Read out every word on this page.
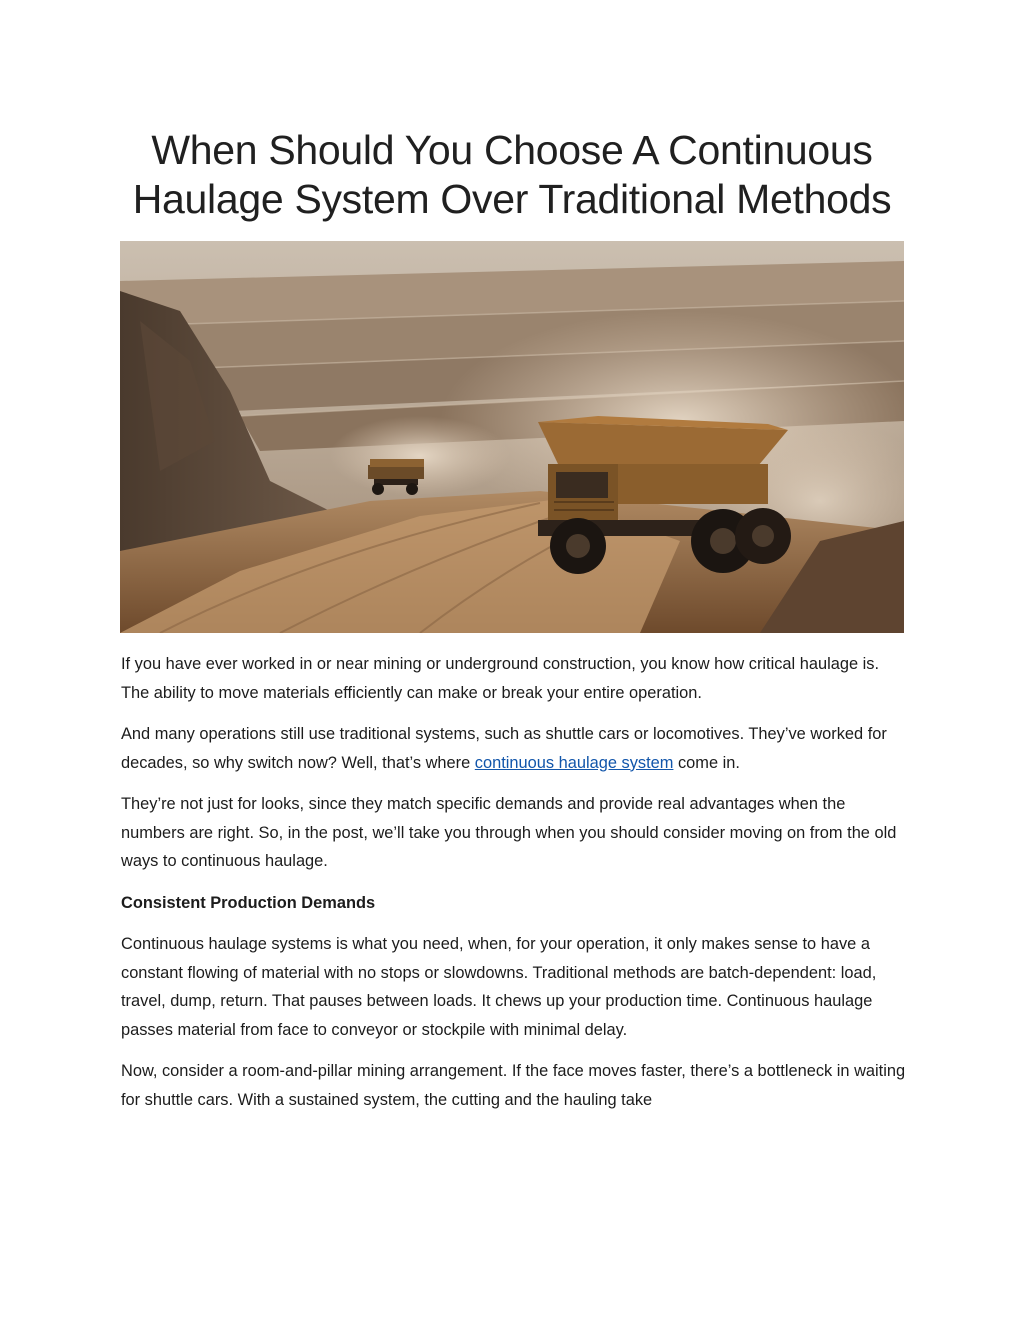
When Should You Choose A Continuous
Haulage System Over Traditional Methods

If you have ever worked in or near mining or underground construction, you know how critical haulage is. The ability to move materials efficiently can make or break your entire operation.

And many operations still use traditional systems, such as shuttle cars or locomotives. They’ve worked for decades, so why switch now? Well, that’s where continuous haulage system come in.

They’re not just for looks, since they match specific demands and provide real advantages when the numbers are right. So, in the post, we’ll take you through when you should consider moving on from the old ways to continuous haulage.

Consistent Production Demands

Continuous haulage systems is what you need, when, for your operation, it only makes sense to have a constant flowing of material with no stops or slowdowns. Traditional methods are batch-dependent: load, travel, dump, return. That pauses between loads. It chews up your production time. Continuous haulage passes material from face to conveyor or stockpile with minimal delay.

Now, consider a room-and-pillar mining arrangement. If the face moves faster, there’s a bottleneck in waiting for shuttle cars. With a sustained system, the cutting and the hauling take
